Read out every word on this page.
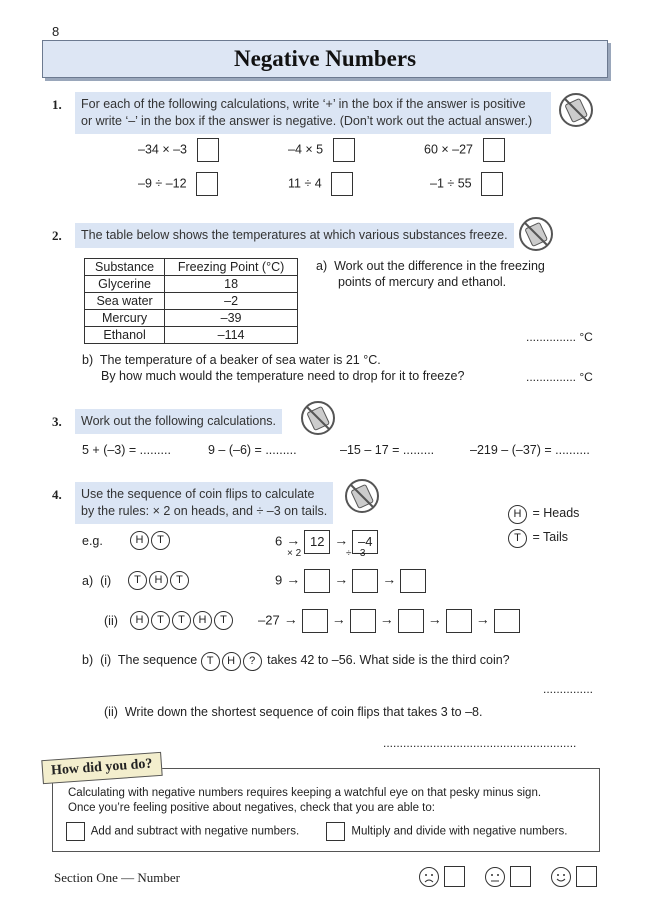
8
Negative Numbers
1. For each of the following calculations, write ‘+’ in the box if the answer is positive
or write ‘–’ in the box if the answer is negative. (Don’t work out the actual answer.)
–34 × –3	–4 × 5	60 × –27
–9 ÷ –12	11 ÷ 4	–1 ÷ 55
2.	The table below shows the temperatures at which various substances freeze.
Substance	Freezing Point (°C)
Glycerine	18
Sea water	–2
Mercury	–39
Ethanol	–114
a) Work out the difference in the freezing
points of mercury and ethanol.
............... °C
b) The temperature of a beaker of sea water is 21 °C.
By how much would the temperature need to drop for it to freeze?	............... °C
3.	Work out the following calculations.
5 + (–3) = .........	9 – (–6) = .........	–15 – 17 = .........	–219 – (–37) = ..........
4. Use the sequence of coin flips to calculate
by the rules: × 2 on heads, and ÷ –3 on tails.	H = Heads
T = Tails
e.g.	H T	6 → 12 → –4
× 2	÷ –3
a) (i)	T H T	9 → → →
(ii)	H T T H T	–27 → → → → →
b) (i) The sequence T H ? takes 42 to –56. What side is the third coin?
...............
(ii) Write down the shortest sequence of coin flips that takes 3 to –8.
..........................................................
How did you do?
Calculating with negative numbers requires keeping a watchful eye on that pesky minus sign.
Once you’re feeling positive about negatives, check that you are able to:
Add and subtract with negative numbers.	Multiply and divide with negative numbers.
Section One — Number
